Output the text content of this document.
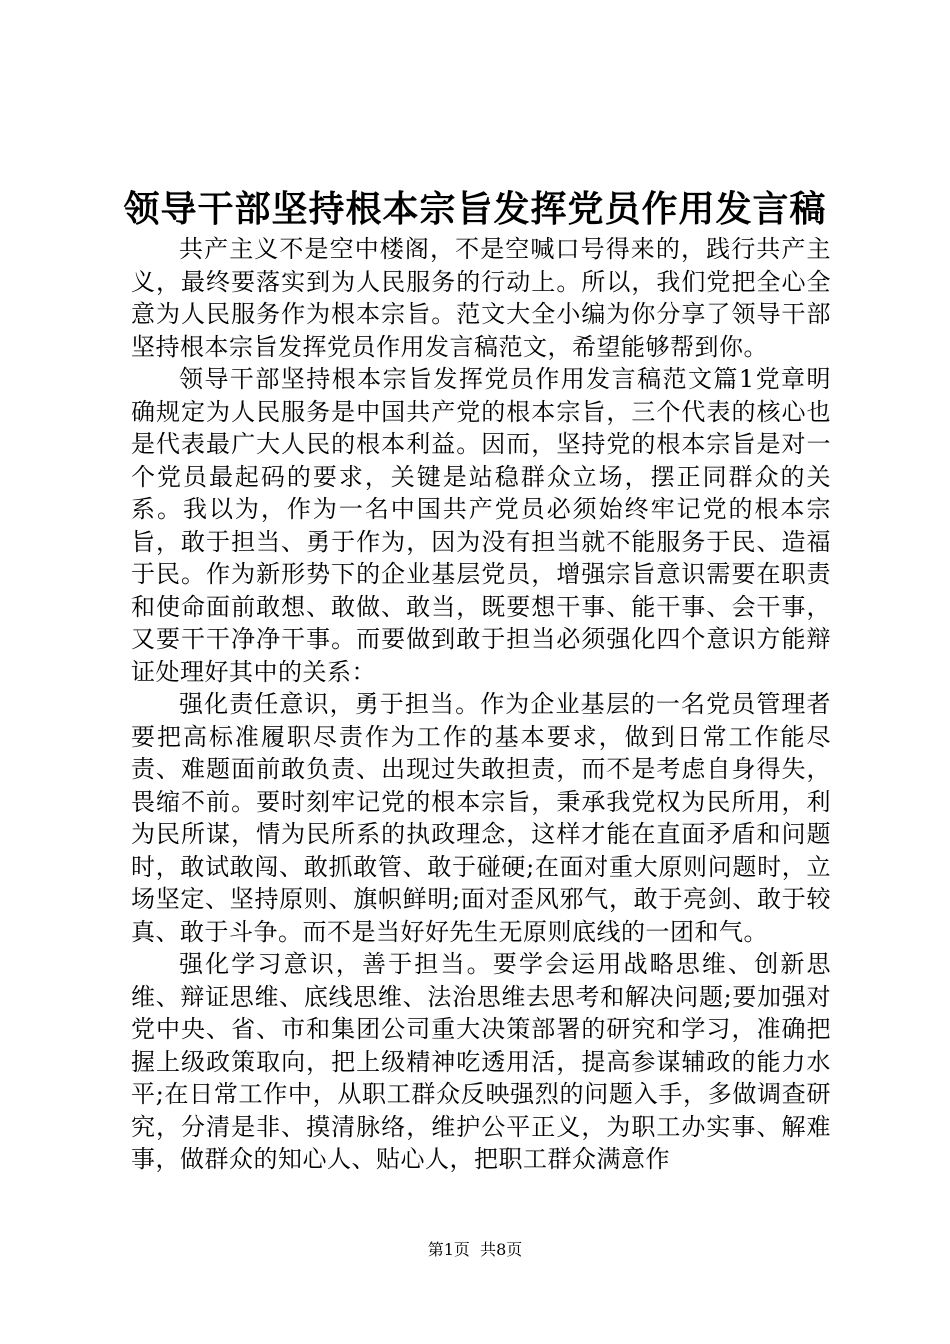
领导干部坚持根本宗旨发挥党员作用发言稿

共产主义不是空中楼阁，不是空喊口号得来的，践行共产主义，最终要落实到为人民服务的行动上。所以，我们党把全心全意为人民服务作为根本宗旨。范文大全小编为你分享了领导干部坚持根本宗旨发挥党员作用发言稿范文，希望能够帮到你。

领导干部坚持根本宗旨发挥党员作用发言稿范文篇1党章明确规定为人民服务是中国共产党的根本宗旨，三个代表的核心也是代表最广大人民的根本利益。因而，坚持党的根本宗旨是对一个党员最起码的要求，关键是站稳群众立场，摆正同群众的关系。我以为，作为一名中国共产党员必须始终牢记党的根本宗旨，敢于担当、勇于作为，因为没有担当就不能服务于民、造福于民。作为新形势下的企业基层党员，增强宗旨意识需要在职责和使命面前敢想、敢做、敢当，既要想干事、能干事、会干事，又要干干净净干事。而要做到敢于担当必须强化四个意识方能辩证处理好其中的关系：

强化责任意识，勇于担当。作为企业基层的一名党员管理者要把高标准履职尽责作为工作的基本要求，做到日常工作能尽责、难题面前敢负责、出现过失敢担责，而不是考虑自身得失，畏缩不前。要时刻牢记党的根本宗旨，秉承我党权为民所用，利为民所谋，情为民所系的执政理念，这样才能在直面矛盾和问题时，敢试敢闯、敢抓敢管、敢于碰硬;在面对重大原则问题时，立场坚定、坚持原则、旗帜鲜明;面对歪风邪气，敢于亮剑、敢于较真、敢于斗争。而不是当好好先生无原则底线的一团和气。

强化学习意识，善于担当。要学会运用战略思维、创新思维、辩证思维、底线思维、法治思维去思考和解决问题;要加强对党中央、省、市和集团公司重大决策部署的研究和学习，准确把握上级政策取向，把上级精神吃透用活，提高参谋辅政的能力水平;在日常工作中，从职工群众反映强烈的问题入手，多做调查研究，分清是非、摸清脉络，维护公平正义，为职工办实事、解难事，做群众的知心人、贴心人，把职工群众满意作

第1页  共8页
